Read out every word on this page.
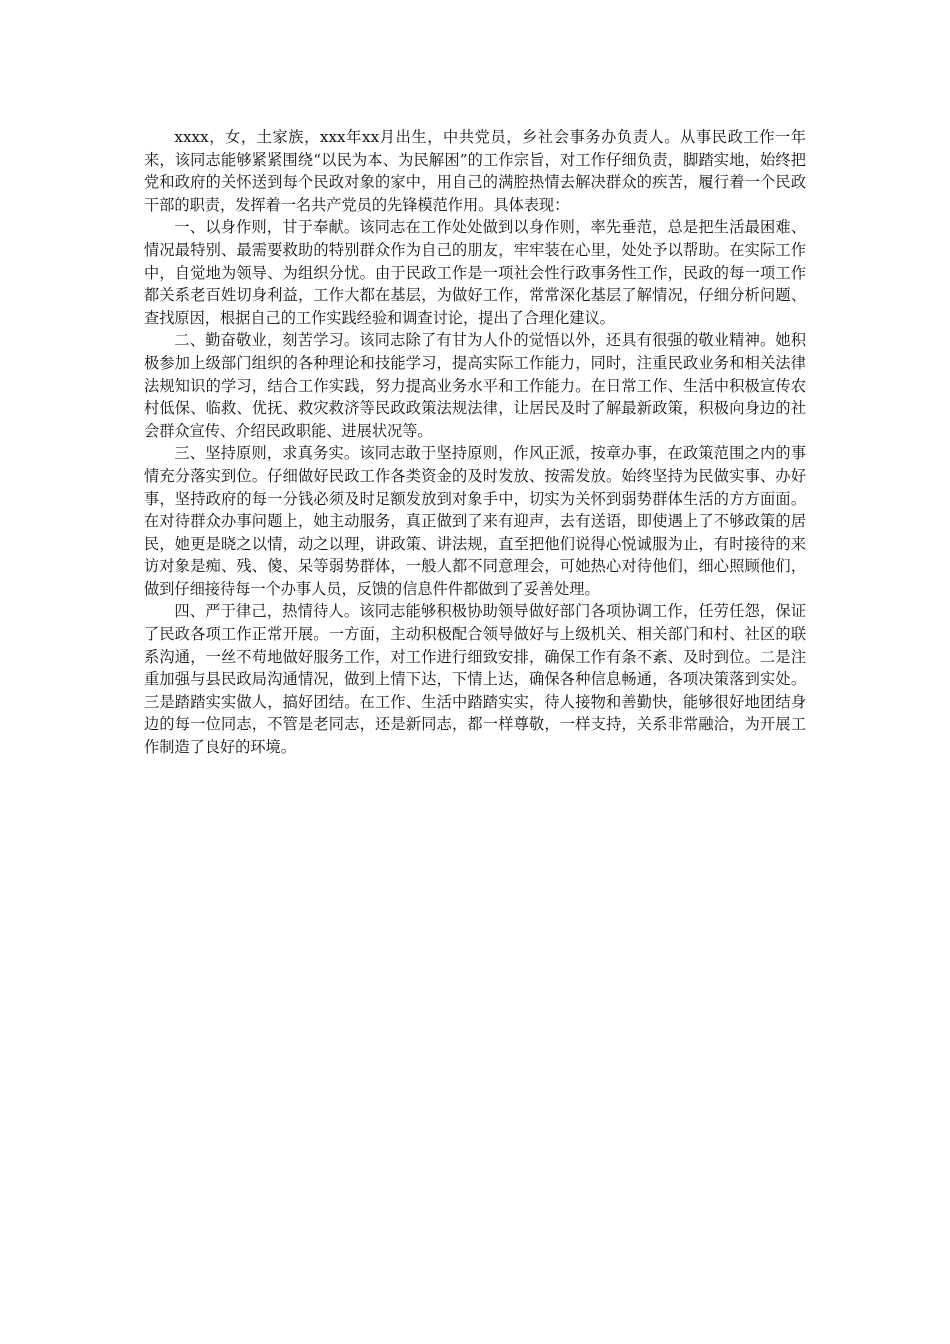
xxxx，女，土家族，xxx年xx月出生，中共党员，乡社会事务办负责人。从事民政工作一年来，该同志能够紧紧围绕“以民为本、为民解困”的工作宗旨，对工作仔细负责，脚踏实地，始终把党和政府的关怀送到每个民政对象的家中，用自己的满腔热情去解决群众的疾苦，履行着一个民政干部的职责，发挥着一名共产党员的先锋模范作用。具体表现：

一、以身作则，甘于奉献。该同志在工作处处做到以身作则，率先垂范，总是把生活最困难、情况最特别、最需要救助的特别群众作为自己的朋友，牢牢装在心里，处处予以帮助。在实际工作中，自觉地为领导、为组织分忧。由于民政工作是一项社会性行政事务性工作，民政的每一项工作都关系老百姓切身利益，工作大都在基层，为做好工作，常常深化基层了解情况，仔细分析问题、查找原因，根据自己的工作实践经验和调查讨论，提出了合理化建议。

二、勤奋敬业，刻苦学习。该同志除了有甘为人仆的觉悟以外，还具有很强的敬业精神。她积极参加上级部门组织的各种理论和技能学习，提高实际工作能力，同时，注重民政业务和相关法律法规知识的学习，结合工作实践，努力提高业务水平和工作能力。在日常工作、生活中积极宣传农村低保、临救、优抚、救灾救济等民政政策法规法律，让居民及时了解最新政策，积极向身边的社会群众宣传、介绍民政职能、进展状况等。

三、坚持原则，求真务实。该同志敢于坚持原则，作风正派，按章办事，在政策范围之内的事情充分落实到位。仔细做好民政工作各类资金的及时发放、按需发放。始终坚持为民做实事、办好事，坚持政府的每一分钱必须及时足额发放到对象手中，切实为关怀到弱势群体生活的方方面面。在对待群众办事问题上，她主动服务，真正做到了来有迎声，去有送语，即使遇上了不够政策的居民，她更是晓之以情，动之以理，讲政策、讲法规，直至把他们说得心悦诚服为止，有时接待的来访对象是痴、残、傻、呆等弱势群体，一般人都不同意理会，可她热心对待他们，细心照顾他们，做到仔细接待每一个办事人员，反馈的信息件件都做到了妥善处理。

四、严于律己，热情待人。该同志能够积极协助领导做好部门各项协调工作，任劳任怨，保证了民政各项工作正常开展。一方面，主动积极配合领导做好与上级机关、相关部门和村、社区的联系沟通，一丝不苟地做好服务工作，对工作进行细致安排，确保工作有条不紊、及时到位。二是注重加强与县民政局沟通情况，做到上情下达，下情上达，确保各种信息畅通，各项决策落到实处。三是踏踏实实做人，搞好团结。在工作、生活中踏踏实实，待人接物和善勤快，能够很好地团结身边的每一位同志，不管是老同志，还是新同志，都一样尊敬，一样支持，关系非常融洽，为开展工作制造了良好的环境。
